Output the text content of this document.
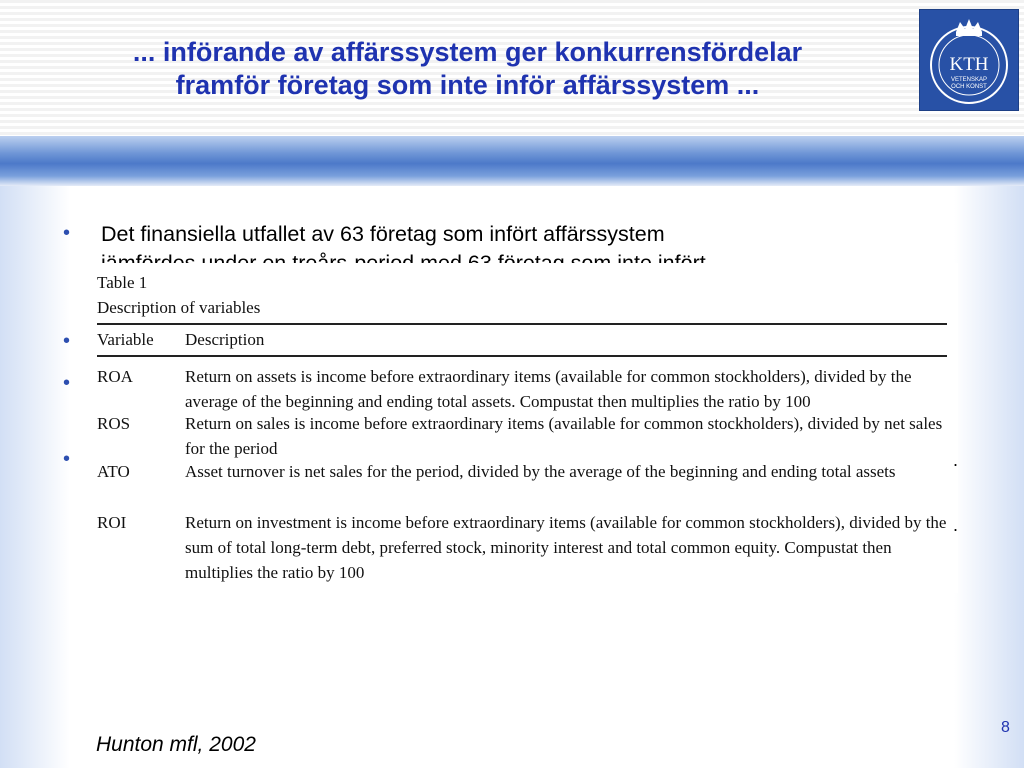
... införande av affärssystem ger konkurrensfördelar
framför företag som inte inför affärssystem ...
KTH
VETENSKAP
OCH KONST
• Det finansiella utfallet av 63 företag som infört affärssystem

•
•
•
Table 1
Description of variables
Variable Description
ROA	Return on assets is income before extraordinary items (available for common stockholders), divided by the average of the beginning and ending total assets. Compustat then multiplies the ratio by 100
ROS	Return on sales is income before extraordinary items (available for common stockholders), divided by net sales for the period
ATO	Asset turnover is net sales for the period, divided by the average of the beginning and ending total assets
ROI	Return on investment is income before extraordinary items (available for common stockholders), divided by the sum of total long-term debt, preferred stock, minority interest and total common equity. Compustat then multiplies the ratio by 100
.
.
Hunton mfl, 2002
8
